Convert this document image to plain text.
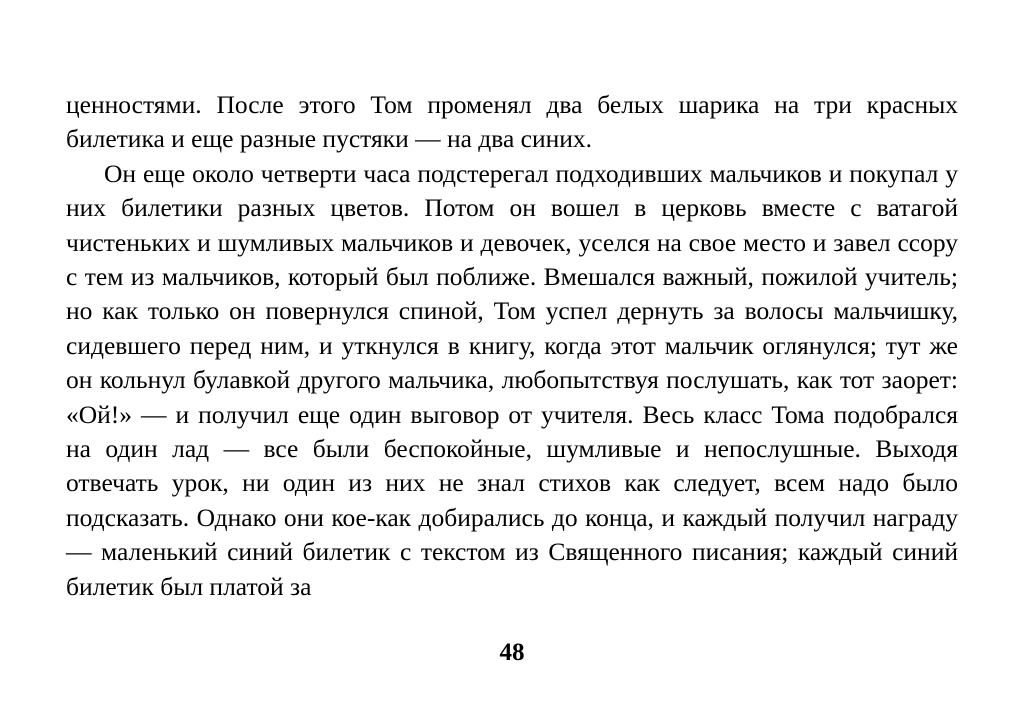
ценностями. После этого Том променял два белых шарика на три красных билетика и еще разные пустяки — на два синих.

Он еще около четверти часа подстерегал подходивших мальчиков и покупал у них билетики разных цветов. Потом он вошел в церковь вместе с ватагой чистеньких и шумливых мальчиков и девочек, уселся на свое место и завел ссору с тем из мальчиков, который был поближе. Вмешался важный, пожилой учитель; но как только он повернулся спиной, Том успел дернуть за волосы мальчишку, сидевшего перед ним, и уткнулся в книгу, когда этот мальчик оглянулся; тут же он кольнул булавкой другого мальчика, любопытствуя послушать, как тот заорет: «Ой!» — и получил еще один выговор от учителя. Весь класс Тома подобрался на один лад — все были беспокойные, шумливые и непослушные. Выходя отвечать урок, ни один из них не знал стихов как следует, всем надо было подсказать. Однако они кое-как добирались до конца, и каждый получил награду — маленький синий билетик с текстом из Священного писания; каждый синий билетик был платой за

48
